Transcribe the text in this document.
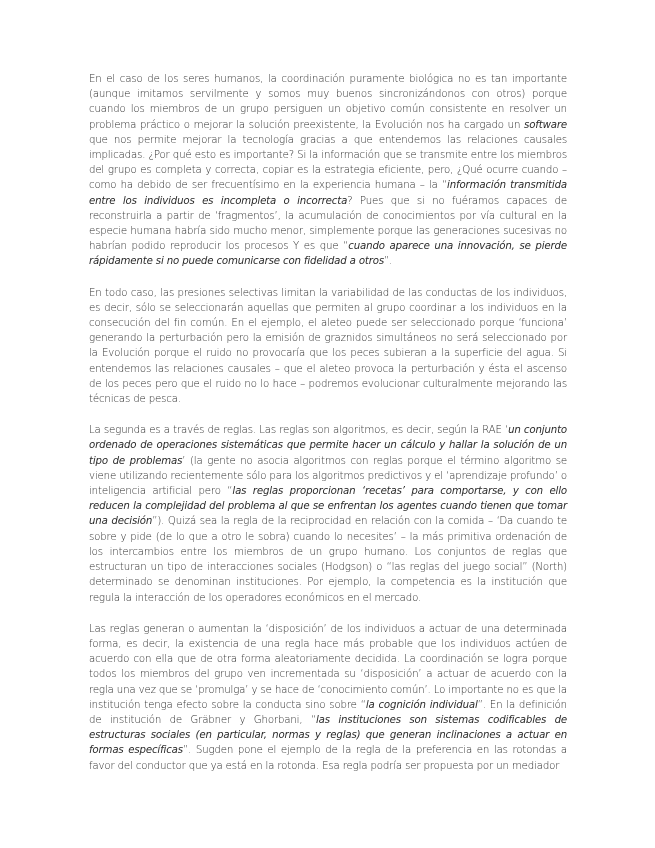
En el caso de los seres humanos, la coordinación puramente biológica no es tan importante (aunque imitamos servilmente y somos muy buenos sincronizándonos con otros) porque cuando los miembros de un grupo persiguen un objetivo común consistente en resolver un problema práctico o mejorar la solución preexistente, la Evolución nos ha cargado un software que nos permite mejorar la tecnología gracias a que entendemos las relaciones causales implicadas. ¿Por qué esto es importante? Si la información que se transmite entre los miembros del grupo es completa y correcta, copiar es la estrategia eficiente, pero, ¿Qué ocurre cuando – como ha debido de ser frecuentísimo en la experiencia humana – la “información transmitida entre los individuos es incompleta o incorrecta? Pues que si no fuéramos capaces de reconstruirla a partir de ‘fragmentos’, la acumulación de conocimientos por vía cultural en la especie humana habría sido mucho menor, simplemente porque las generaciones sucesivas no habrían podido reproducir los procesos Y es que “cuando aparece una innovación, se pierde rápidamente si no puede comunicarse con fidelidad a otros”.

En todo caso, las presiones selectivas limitan la variabilidad de las conductas de los individuos, es decir, sólo se seleccionarán aquellas que permiten al grupo coordinar a los individuos en la consecución del fin común. En el ejemplo, el aleteo puede ser seleccionado porque ‘funciona’ generando la perturbación pero la emisión de graznidos simultáneos no será seleccionado por la Evolución porque el ruido no provocaría que los peces subieran a la superficie del agua. Si entendemos las relaciones causales – que el aleteo provoca la perturbación y ésta el ascenso de los peces pero que el ruido no lo hace – podremos evolucionar culturalmente mejorando las técnicas de pesca.

La segunda es a través de reglas. Las reglas son algoritmos, es decir, según la RAE ‘un conjunto ordenado de operaciones sistemáticas que permite hacer un cálculo y hallar la solución de un tipo de problemas’ (la gente no asocia algoritmos con reglas porque el término algoritmo se viene utilizando recientemente sólo para los algoritmos predictivos y el ‘aprendizaje profundo’ o inteligencia artificial pero “las reglas proporcionan ‘recetas’ para comportarse, y con ello reducen la complejidad del problema al que se enfrentan los agentes cuando tienen que tomar una decisión”). Quizá sea la regla de la reciprocidad en relación con la comida – ‘Da cuando te sobre y pide (de lo que a otro le sobra) cuando lo necesites’ – la más primitiva ordenación de los intercambios entre los miembros de un grupo humano. Los conjuntos de reglas que estructuran un tipo de interacciones sociales (Hodgson) o “las reglas del juego social” (North) determinado se denominan instituciones. Por ejemplo, la competencia es la institución que regula la interacción de los operadores económicos en el mercado.

Las reglas generan o aumentan la ‘disposición’ de los individuos a actuar de una determinada forma, es decir, la existencia de una regla hace más probable que los individuos actúen de acuerdo con ella que de otra forma aleatoriamente decidida. La coordinación se logra porque todos los miembros del grupo ven incrementada su ‘disposición’ a actuar de acuerdo con la regla una vez que se ‘promulga’ y se hace de ‘conocimiento común’. Lo importante no es que la institución tenga efecto sobre la conducta sino sobre “la cognición individual”. En la definición de institución de Gräbner y Ghorbani, “las instituciones son sistemas codificables de estructuras sociales (en particular, normas y reglas) que generan inclinaciones a actuar en formas específicas”. Sugden pone el ejemplo de la regla de la preferencia en las rotondas a favor del conductor que ya está en la rotonda. Esa regla podría ser propuesta por un mediador
